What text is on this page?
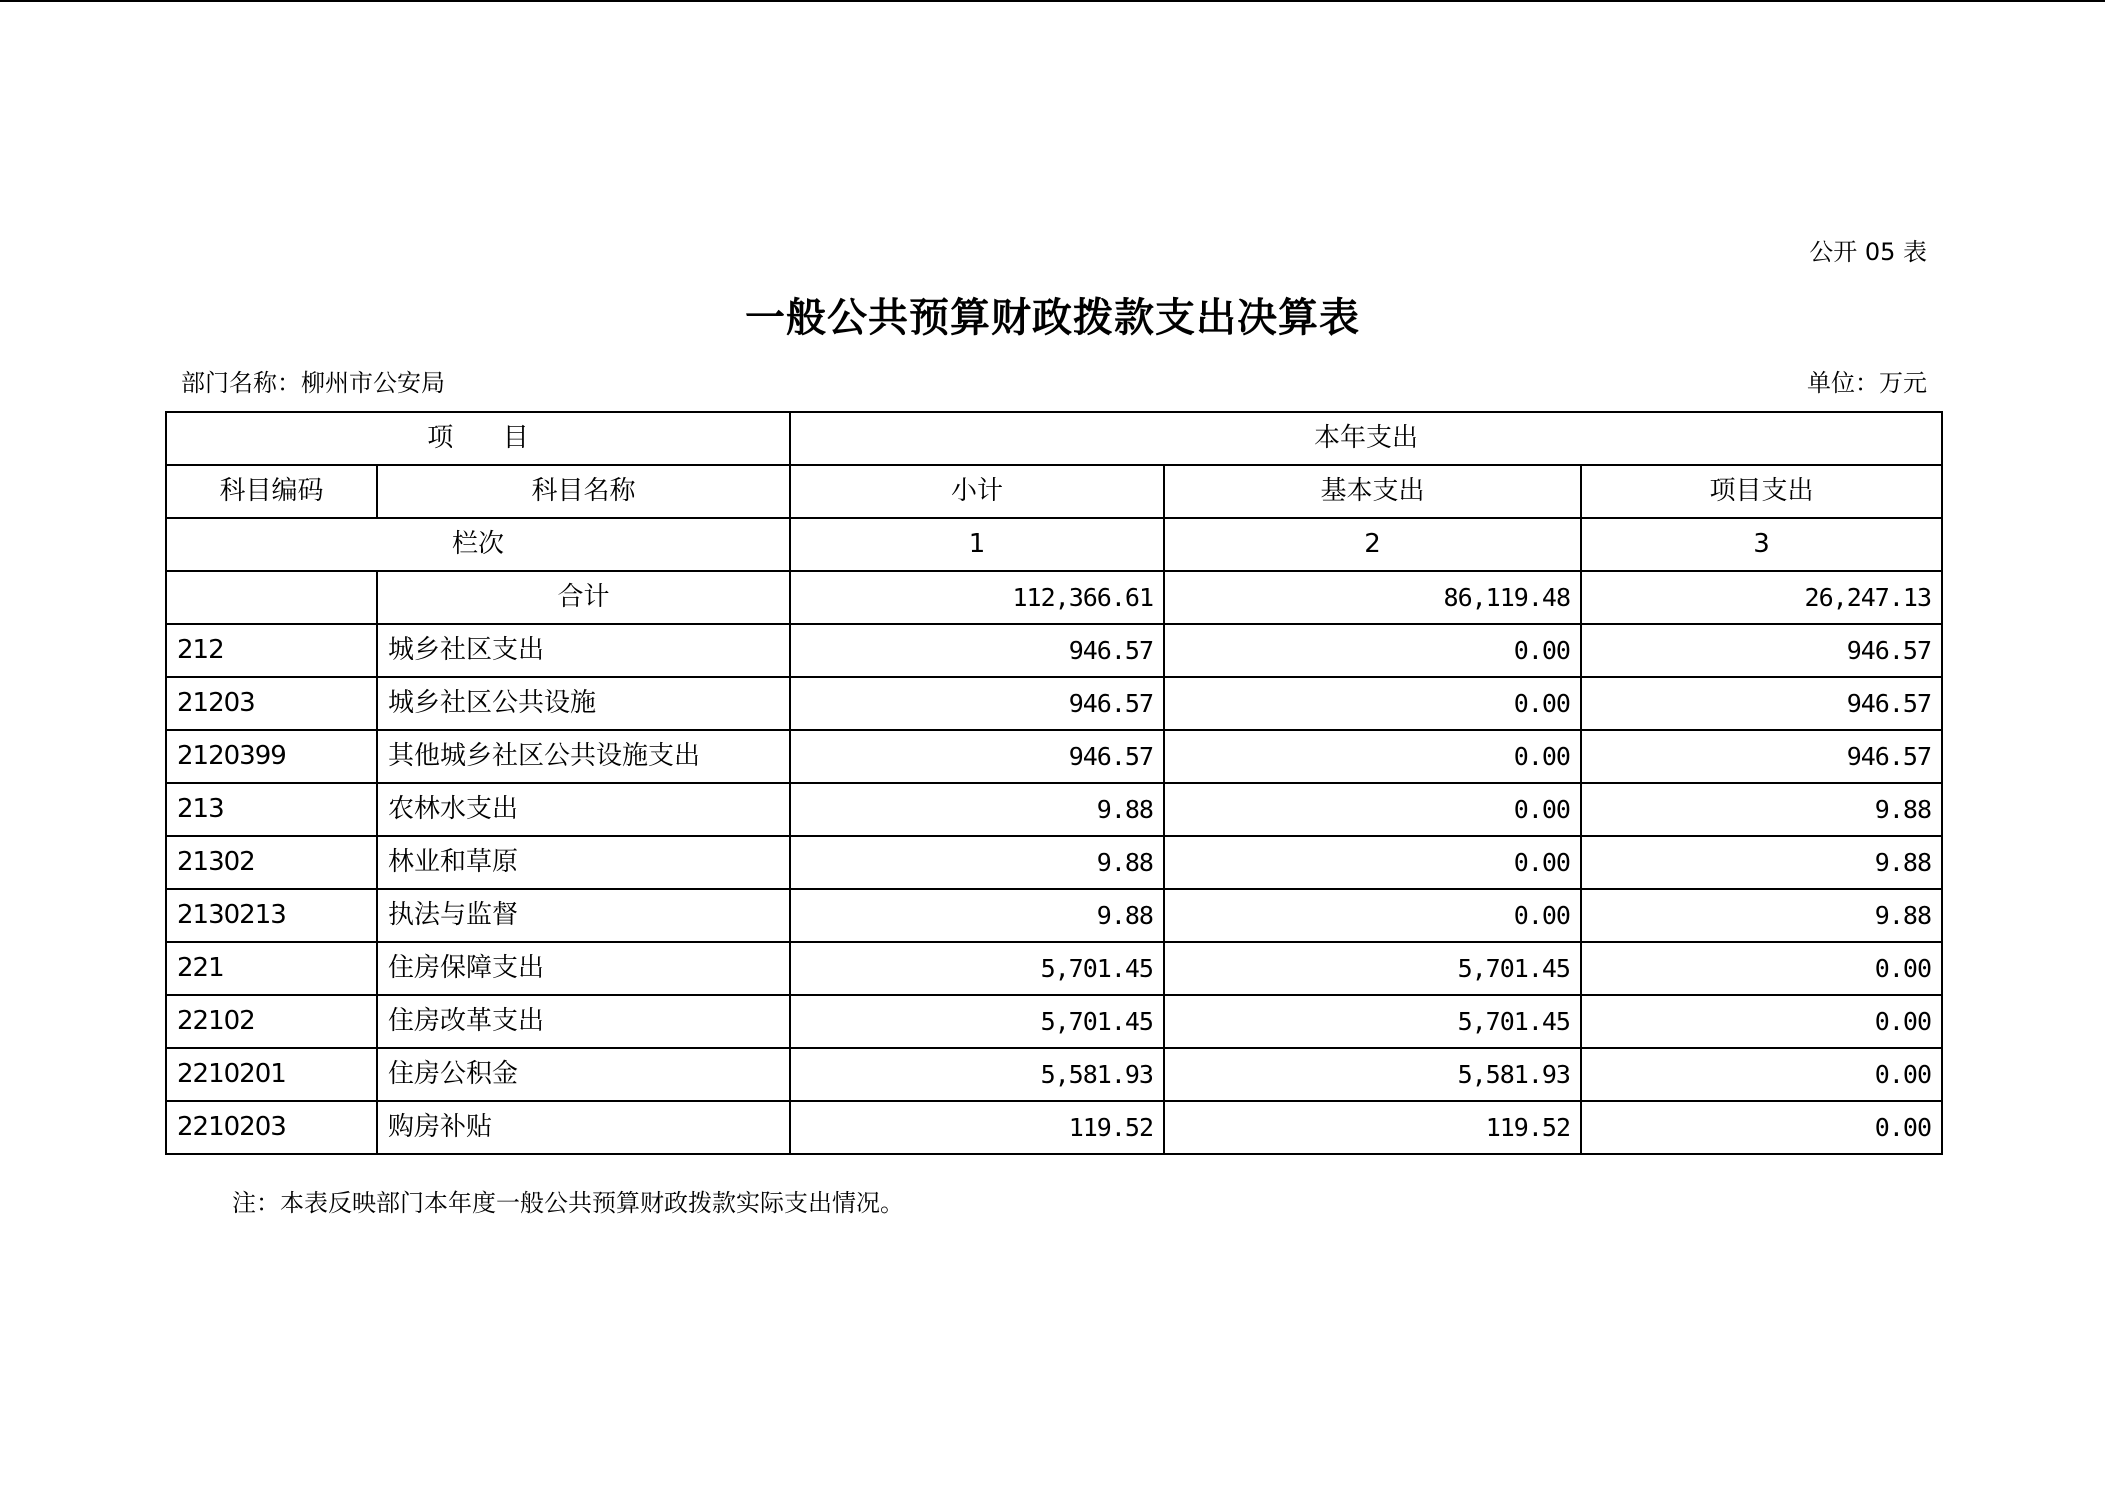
公开 05 表
一般公共预算财政拨款支出决算表
部门名称：柳州市公安局	单位：万元
项      目		本年支出		
科目编码	科目名称	小计	基本支出	项目支出
栏次		1	2	3
	合计	112,366.61	86,119.48	26,247.13
212	城乡社区支出	946.57	0.00	946.57
21203	城乡社区公共设施	946.57	0.00	946.57
2120399	其他城乡社区公共设施支出	946.57	0.00	946.57
213	农林水支出	9.88	0.00	9.88
21302	林业和草原	9.88	0.00	9.88
2130213	执法与监督	9.88	0.00	9.88
221	住房保障支出	5,701.45	5,701.45	0.00
22102	住房改革支出	5,701.45	5,701.45	0.00
2210201	住房公积金	5,581.93	5,581.93	0.00
2210203	购房补贴	119.52	119.52	0.00
注：本表反映部门本年度一般公共预算财政拨款实际支出情况。
